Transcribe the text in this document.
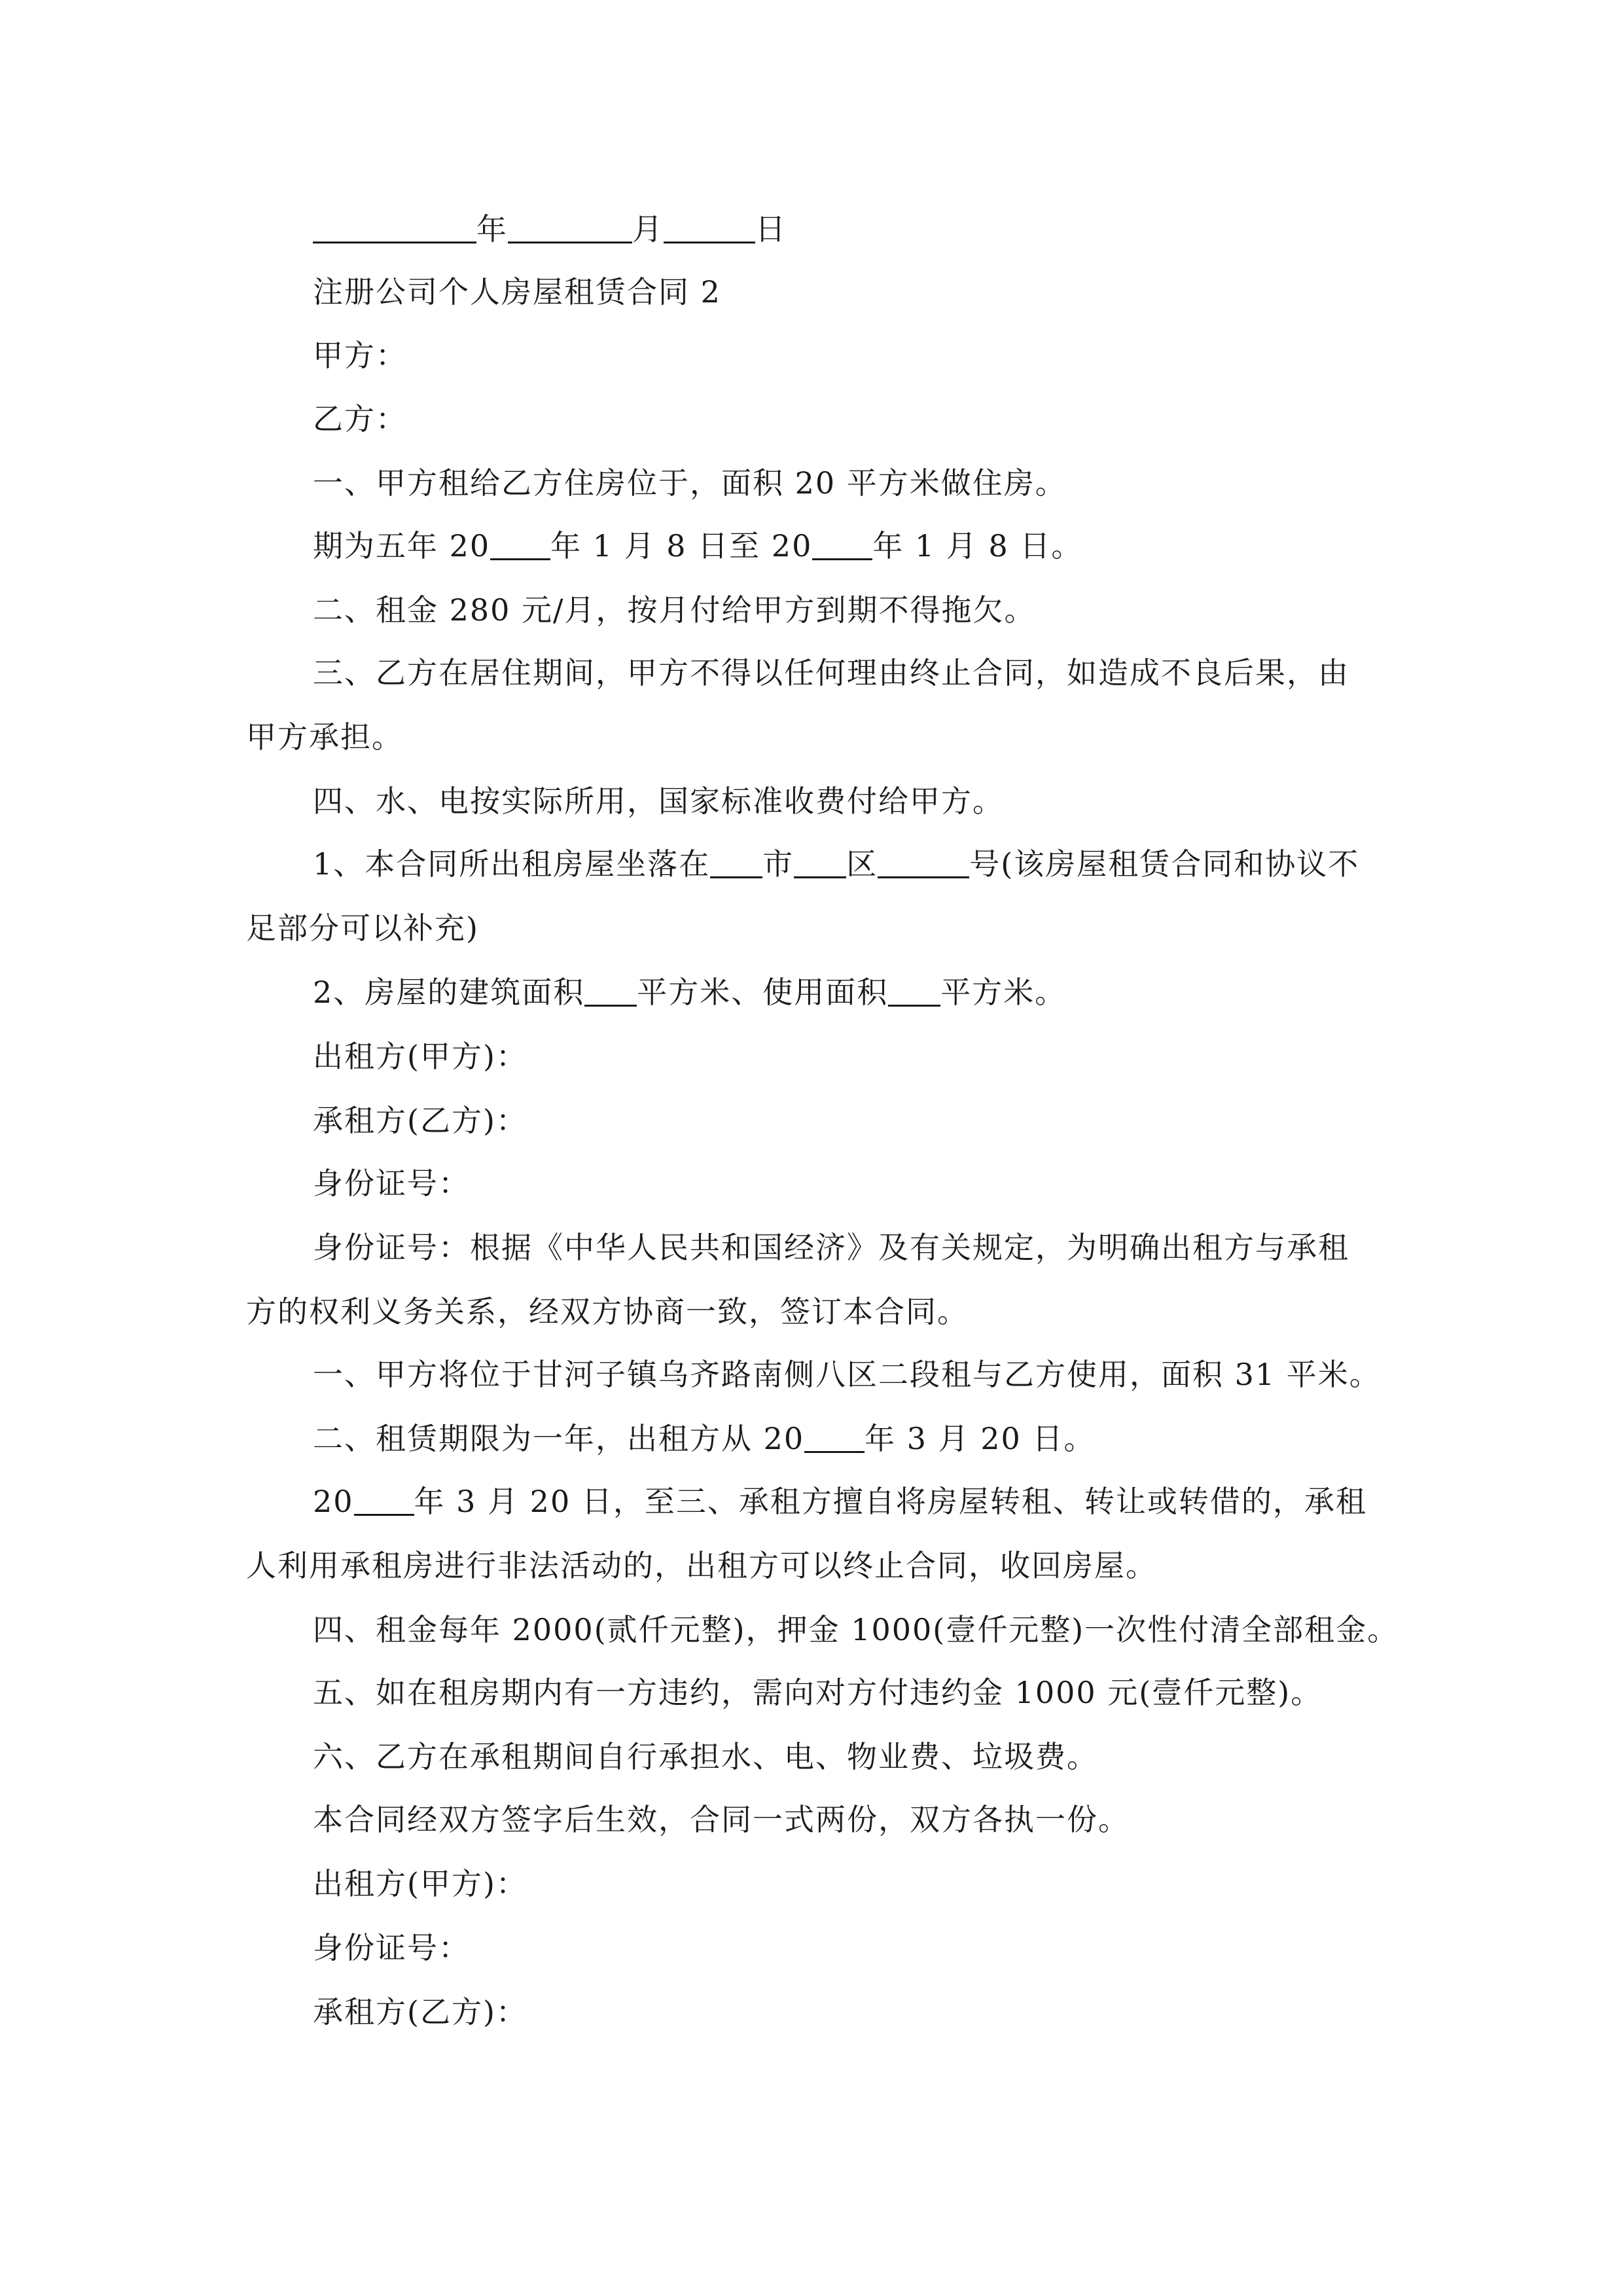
年	月	日
注册公司个人房屋租赁合同 2
甲方：
乙方：
一、甲方租给乙方住房位于，面积 20 平方米做住房。
期为五年 20 年 1 月 8 日至 20 年 1 月 8 日。
二、租金 280 元/月，按月付给甲方到期不得拖欠。
三、乙方在居住期间，甲方不得以任何理由终止合同，如造成不良后果，由
甲方承担。
四、水、电按实际所用，国家标准收费付给甲方。
1、本合同所出租房屋坐落在 市 区	号(该房屋租赁合同和协议不
足部分可以补充)
2、房屋的建筑面积 平方米、使用面积 平方米。
出租方(甲方)：
承租方(乙方)：
身份证号：
身份证号：根据《中华人民共和国经济》及有关规定，为明确出租方与承租
方的权利义务关系，经双方协商一致，签订本合同。
一、甲方将位于甘河子镇乌齐路南侧八区二段租与乙方使用，面积 31 平米。
二、租赁期限为一年，出租方从 20 年 3 月 20 日。
20 年 3 月 20 日，至三、承租方擅自将房屋转租、转让或转借的，承租
人利用承租房进行非法活动的，出租方可以终止合同，收回房屋。
四、租金每年 2000(贰仟元整)，押金 1000(壹仟元整)一次性付清全部租金。
五、如在租房期内有一方违约，需向对方付违约金 1000 元(壹仟元整)。
六、乙方在承租期间自行承担水、电、物业费、垃圾费。
本合同经双方签字后生效，合同一式两份，双方各执一份。
出租方(甲方)：
身份证号：
承租方(乙方)：
